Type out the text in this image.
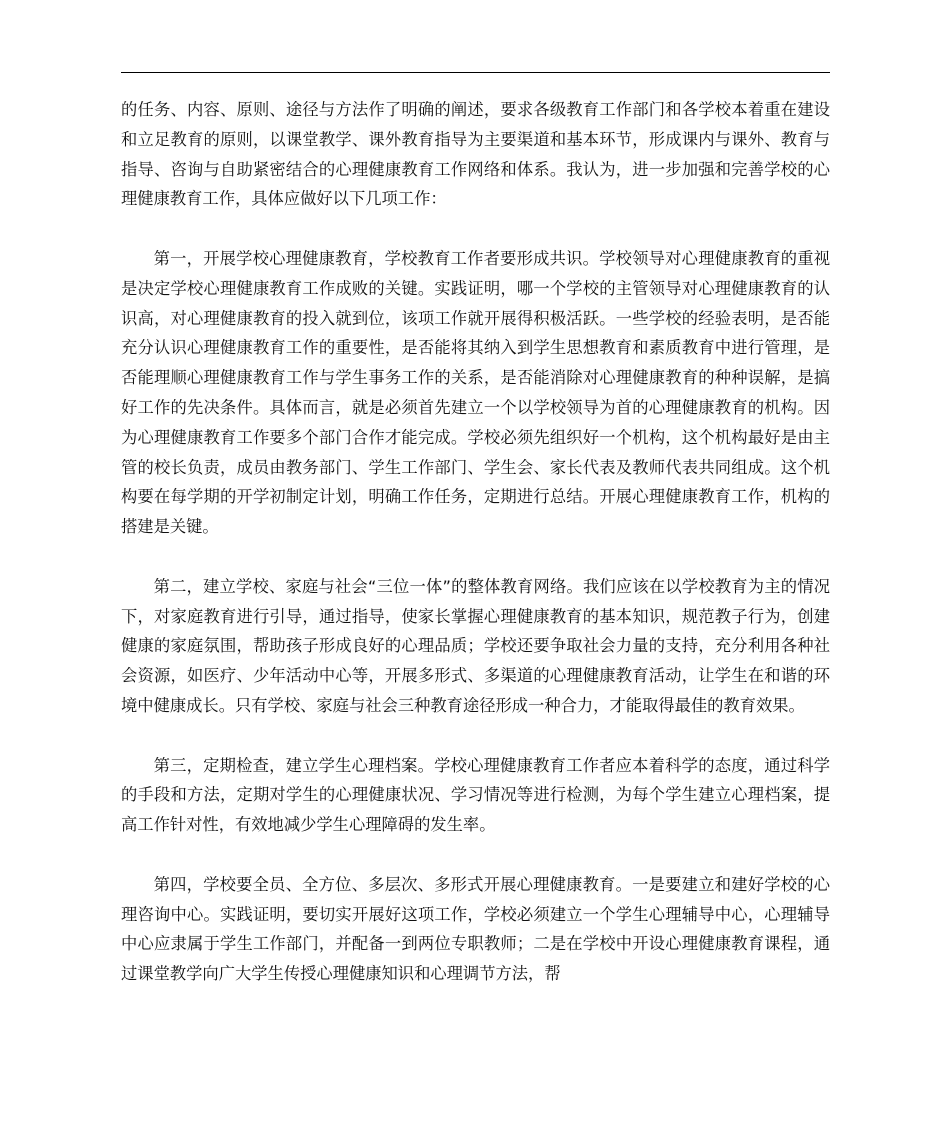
的任务、内容、原则、途径与方法作了明确的阐述，要求各级教育工作部门和各学校本着重在建设和立足教育的原则，以课堂教学、课外教育指导为主要渠道和基本环节，形成课内与课外、教育与指导、咨询与自助紧密结合的心理健康教育工作网络和体系。我认为，进一步加强和完善学校的心理健康教育工作，具体应做好以下几项工作：

第一，开展学校心理健康教育，学校教育工作者要形成共识。学校领导对心理健康教育的重视是决定学校心理健康教育工作成败的关键。实践证明，哪一个学校的主管领导对心理健康教育的认识高，对心理健康教育的投入就到位，该项工作就开展得积极活跃。一些学校的经验表明，是否能充分认识心理健康教育工作的重要性，是否能将其纳入到学生思想教育和素质教育中进行管理，是否能理顺心理健康教育工作与学生事务工作的关系，是否能消除对心理健康教育的种种误解，是搞好工作的先决条件。具体而言，就是必须首先建立一个以学校领导为首的心理健康教育的机构。因为心理健康教育工作要多个部门合作才能完成。学校必须先组织好一个机构，这个机构最好是由主管的校长负责，成员由教务部门、学生工作部门、学生会、家长代表及教师代表共同组成。这个机构要在每学期的开学初制定计划，明确工作任务，定期进行总结。开展心理健康教育工作，机构的搭建是关键。

第二，建立学校、家庭与社会“三位一体”的整体教育网络。我们应该在以学校教育为主的情况下，对家庭教育进行引导，通过指导，使家长掌握心理健康教育的基本知识，规范教子行为，创建健康的家庭氛围，帮助孩子形成良好的心理品质；学校还要争取社会力量的支持，充分利用各种社会资源，如医疗、少年活动中心等，开展多形式、多渠道的心理健康教育活动，让学生在和谐的环境中健康成长。只有学校、家庭与社会三种教育途径形成一种合力，才能取得最佳的教育效果。

第三，定期检查，建立学生心理档案。学校心理健康教育工作者应本着科学的态度，通过科学的手段和方法，定期对学生的心理健康状况、学习情况等进行检测，为每个学生建立心理档案，提高工作针对性，有效地减少学生心理障碍的发生率。

第四，学校要全员、全方位、多层次、多形式开展心理健康教育。一是要建立和建好学校的心理咨询中心。实践证明，要切实开展好这项工作，学校必须建立一个学生心理辅导中心，心理辅导中心应隶属于学生工作部门，并配备一到两位专职教师；二是在学校中开设心理健康教育课程，通过课堂教学向广大学生传授心理健康知识和心理调节方法，帮
